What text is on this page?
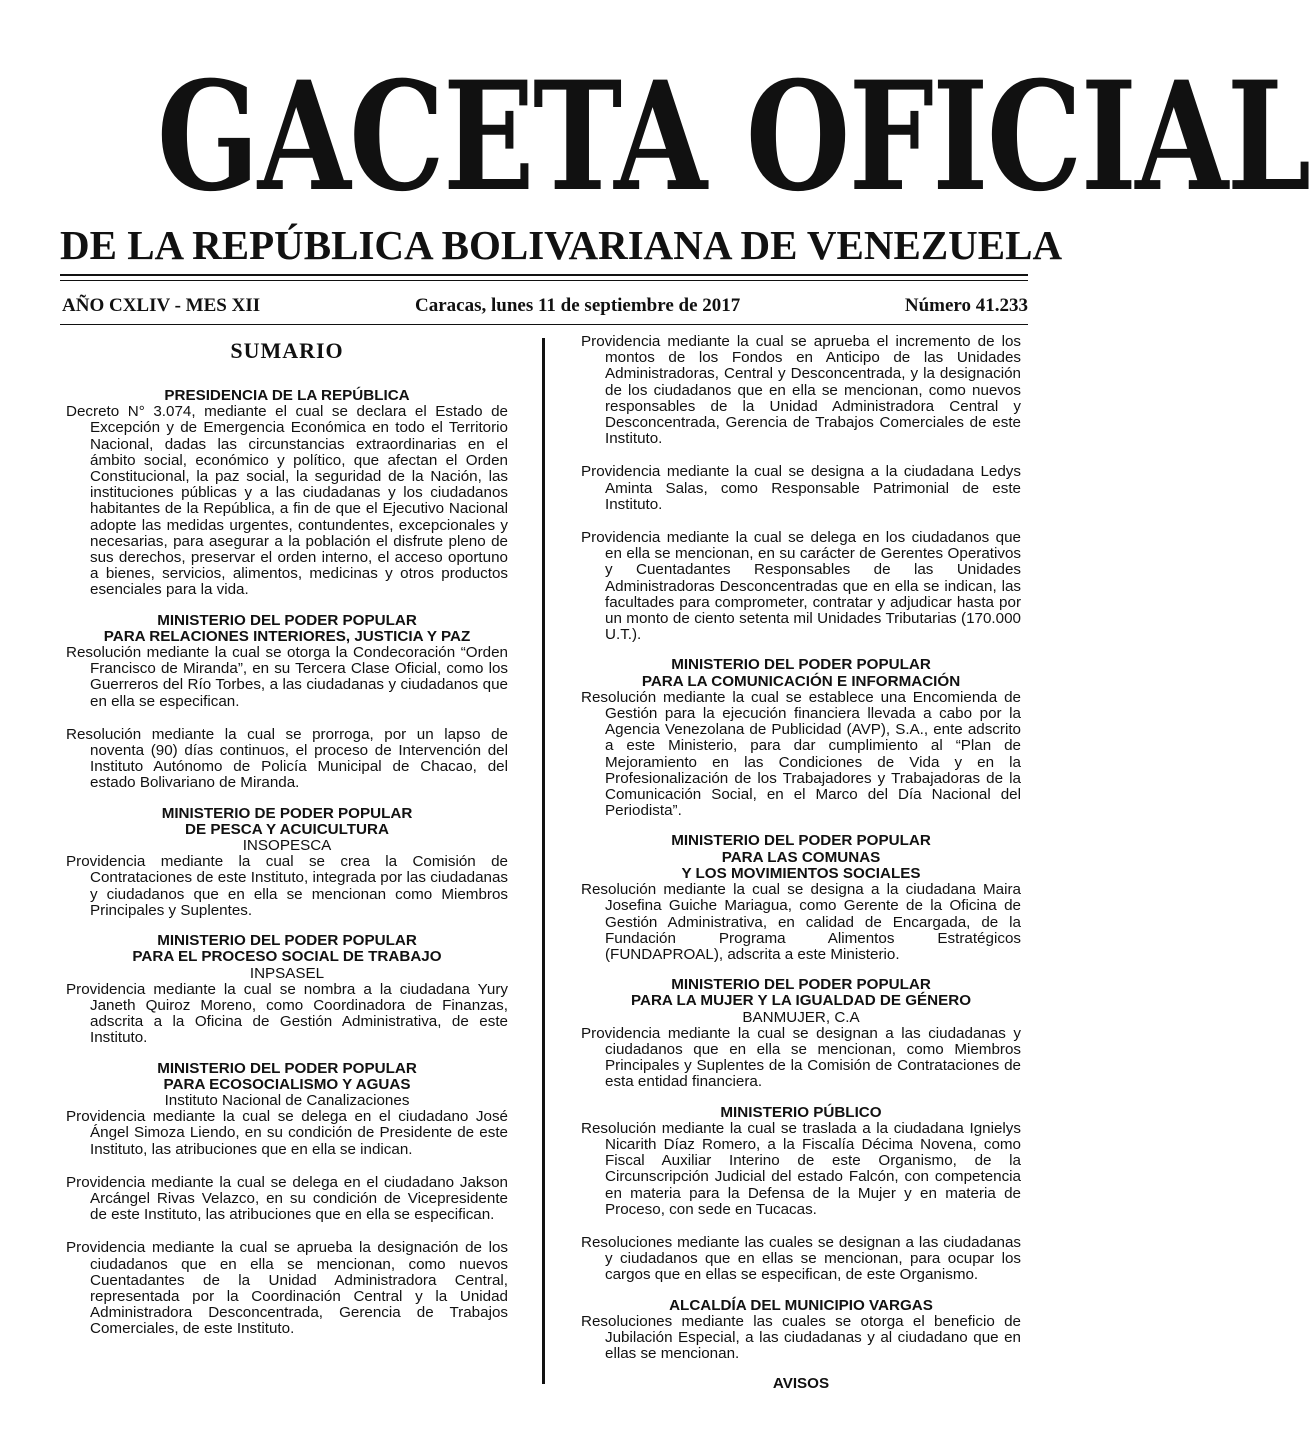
GACETA OFICIAL
DE LA REPÚBLICA BOLIVARIANA DE VENEZUELA
AÑO CXLIV - MES XII	Caracas, lunes 11 de septiembre de 2017	Número 41.233
SUMARIO
PRESIDENCIA DE LA REPÚBLICA
Decreto N° 3.074, mediante el cual se declara el Estado de Excepción y de Emergencia Económica en todo el Territorio Nacional, dadas las circunstancias extraordinarias en el ámbito social, económico y político, que afectan el Orden Constitucional, la paz social, la seguridad de la Nación, las instituciones públicas y a las ciudadanas y los ciudadanos habitantes de la República, a fin de que el Ejecutivo Nacional adopte las medidas urgentes, contundentes, excepcionales y necesarias, para asegurar a la población el disfrute pleno de sus derechos, preservar el orden interno, el acceso oportuno a bienes, servicios, alimentos, medicinas y otros productos esenciales para la vida.
MINISTERIO DEL PODER POPULAR
PARA RELACIONES INTERIORES, JUSTICIA Y PAZ
Resolución mediante la cual se otorga la Condecoración “Orden Francisco de Miranda”, en su Tercera Clase Oficial, como los Guerreros del Río Torbes, a las ciudadanas y ciudadanos que en ella se especifican.
Resolución mediante la cual se prorroga, por un lapso de noventa (90) días continuos, el proceso de Intervención del Instituto Autónomo de Policía Municipal de Chacao, del estado Bolivariano de Miranda.
MINISTERIO DE PODER POPULAR
DE PESCA Y ACUICULTURA
INSOPESCA
Providencia mediante la cual se crea la Comisión de Contrataciones de este Instituto, integrada por las ciudadanas y ciudadanos que en ella se mencionan como Miembros Principales y Suplentes.
MINISTERIO DEL PODER POPULAR
PARA EL PROCESO SOCIAL DE TRABAJO
INPSASEL
Providencia mediante la cual se nombra a la ciudadana Yury Janeth Quiroz Moreno, como Coordinadora de Finanzas, adscrita a la Oficina de Gestión Administrativa, de este Instituto.
MINISTERIO DEL PODER POPULAR
PARA ECOSOCIALISMO Y AGUAS
Instituto Nacional de Canalizaciones
Providencia mediante la cual se delega en el ciudadano José Ángel Simoza Liendo, en su condición de Presidente de este Instituto, las atribuciones que en ella se indican.
Providencia mediante la cual se delega en el ciudadano Jakson Arcángel Rivas Velazco, en su condición de Vicepresidente de este Instituto, las atribuciones que en ella se especifican.
Providencia mediante la cual se aprueba la designación de los ciudadanos que en ella se mencionan, como nuevos Cuentadantes de la Unidad Administradora Central, representada por la Coordinación Central y la Unidad Administradora Desconcentrada, Gerencia de Trabajos Comerciales, de este Instituto.
Providencia mediante la cual se aprueba el incremento de los montos de los Fondos en Anticipo de las Unidades Administradoras, Central y Desconcentrada, y la designación de los ciudadanos que en ella se mencionan, como nuevos responsables de la Unidad Administradora Central y Desconcentrada, Gerencia de Trabajos Comerciales de este Instituto.
Providencia mediante la cual se designa a la ciudadana Ledys Aminta Salas, como Responsable Patrimonial de este Instituto.
Providencia mediante la cual se delega en los ciudadanos que en ella se mencionan, en su carácter de Gerentes Operativos y Cuentadantes Responsables de las Unidades Administradoras Desconcentradas que en ella se indican, las facultades para comprometer, contratar y adjudicar hasta por un monto de ciento setenta mil Unidades Tributarias (170.000 U.T.).
MINISTERIO DEL PODER POPULAR
PARA LA COMUNICACIÓN E INFORMACIÓN
Resolución mediante la cual se establece una Encomienda de Gestión para la ejecución financiera llevada a cabo por la Agencia Venezolana de Publicidad (AVP), S.A., ente adscrito a este Ministerio, para dar cumplimiento al “Plan de Mejoramiento en las Condiciones de Vida y en la Profesionalización de los Trabajadores y Trabajadoras de la Comunicación Social, en el Marco del Día Nacional del Periodista”.
MINISTERIO DEL PODER POPULAR
PARA LAS COMUNAS
Y LOS MOVIMIENTOS SOCIALES
Resolución mediante la cual se designa a la ciudadana Maira Josefina Guiche Mariagua, como Gerente de la Oficina de Gestión Administrativa, en calidad de Encargada, de la Fundación Programa Alimentos Estratégicos (FUNDAPROAL), adscrita a este Ministerio.
MINISTERIO DEL PODER POPULAR
PARA LA MUJER Y LA IGUALDAD DE GÉNERO
BANMUJER, C.A
Providencia mediante la cual se designan a las ciudadanas y ciudadanos que en ella se mencionan, como Miembros Principales y Suplentes de la Comisión de Contrataciones de esta entidad financiera.
MINISTERIO PÚBLICO
Resolución mediante la cual se traslada a la ciudadana Ignielys Nicarith Díaz Romero, a la Fiscalía Décima Novena, como Fiscal Auxiliar Interino de este Organismo, de la Circunscripción Judicial del estado Falcón, con competencia en materia para la Defensa de la Mujer y en materia de Proceso, con sede en Tucacas.
Resoluciones mediante las cuales se designan a las ciudadanas y ciudadanos que en ellas se mencionan, para ocupar los cargos que en ellas se especifican, de este Organismo.
ALCALDÍA DEL MUNICIPIO VARGAS
Resoluciones mediante las cuales se otorga el beneficio de Jubilación Especial, a las ciudadanas y al ciudadano que en ellas se mencionan.
AVISOS
